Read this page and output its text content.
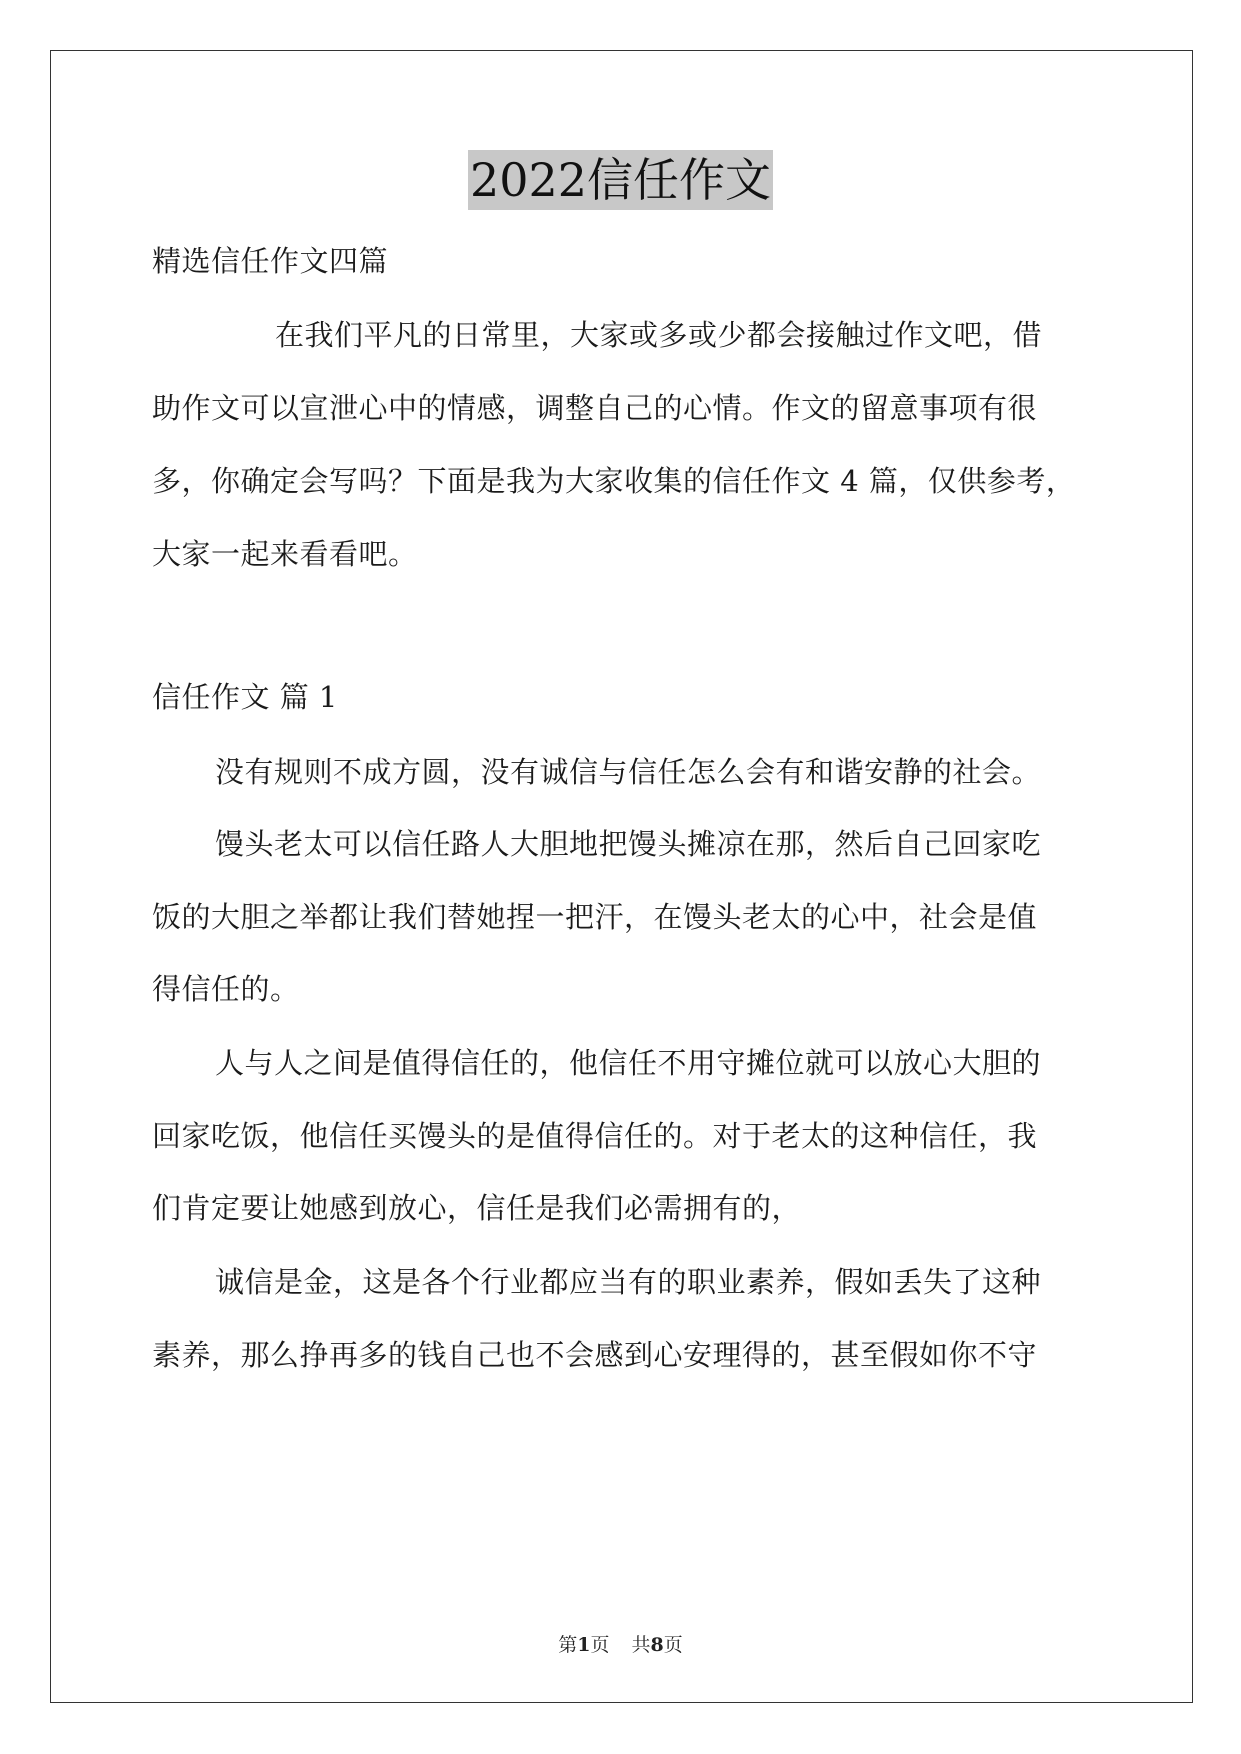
2022信任作文
精选信任作文四篇
在我们平凡的日常里，大家或多或少都会接触过作文吧，借
助作文可以宣泄心中的情感，调整自己的心情。作文的留意事项有很
多，你确定会写吗？下面是我为大家收集的信任作文 4 篇，仅供参考，
大家一起来看看吧。
信任作文 篇 1
没有规则不成方圆，没有诚信与信任怎么会有和谐安静的社会。
馒头老太可以信任路人大胆地把馒头摊凉在那，然后自己回家吃
饭的大胆之举都让我们替她捏一把汗，在馒头老太的心中，社会是值
得信任的。
人与人之间是值得信任的，他信任不用守摊位就可以放心大胆的
回家吃饭，他信任买馒头的是值得信任的。对于老太的这种信任，我
们肯定要让她感到放心，信任是我们必需拥有的，
诚信是金，这是各个行业都应当有的职业素养，假如丢失了这种
素养，那么挣再多的钱自己也不会感到心安理得的，甚至假如你不守
第1页 共8页
